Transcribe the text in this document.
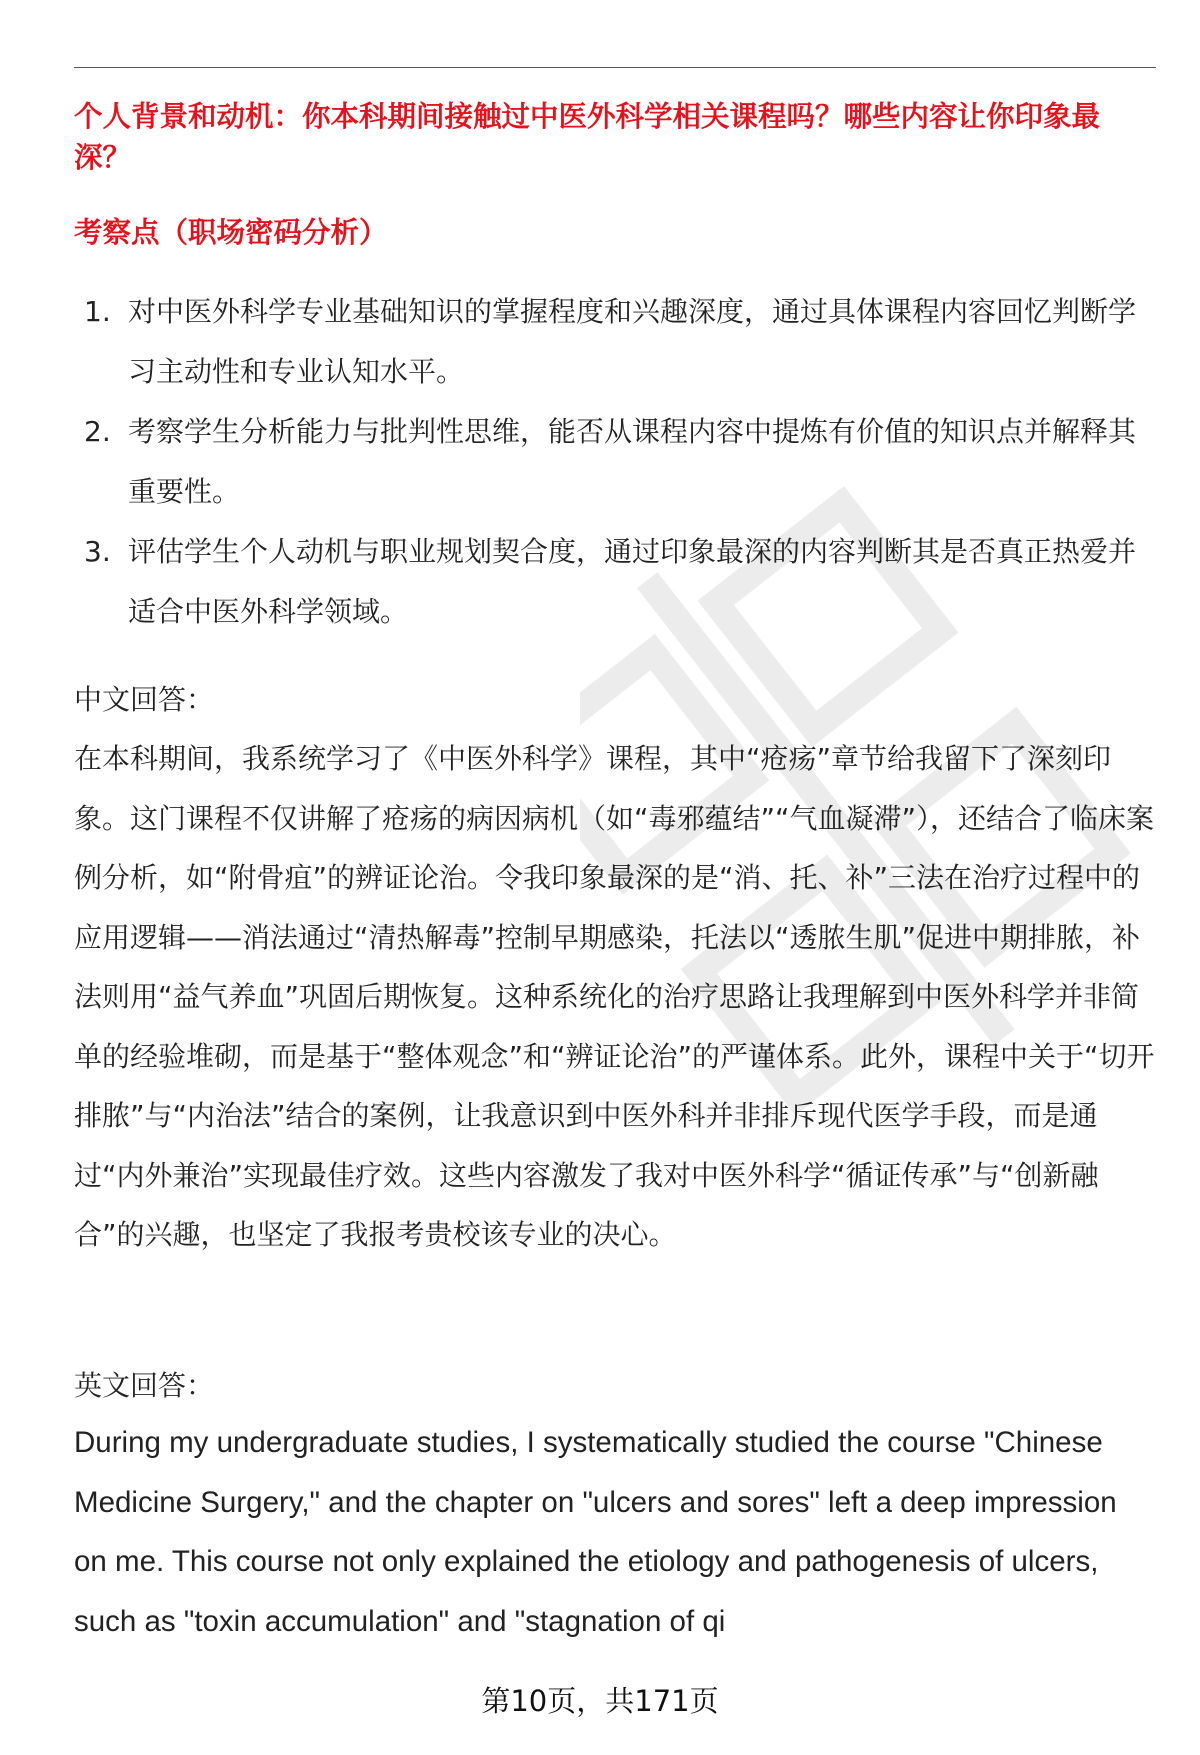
个人背景和动机：你本科期间接触过中医外科学相关课程吗？哪些内容让你印象最深？

考察点（职场密码分析）

1. 对中医外科学专业基础知识的掌握程度和兴趣深度，通过具体课程内容回忆判断学习主动性和专业认知水平。
2. 考察学生分析能力与批判性思维，能否从课程内容中提炼有价值的知识点并解释其重要性。
3. 评估学生个人动机与职业规划契合度，通过印象最深的内容判断其是否真正热爱并适合中医外科学领域。

中文回答：

在本科期间，我系统学习了《中医外科学》课程，其中“疮疡”章节给我留下了深刻印象。这门课程不仅讲解了疮疡的病因病机（如“毒邪蕴结”“气血凝滞”），还结合了临床案例分析，如“附骨疽”的辨证论治。令我印象最深的是“消、托、补”三法在治疗过程中的应用逻辑——消法通过“清热解毒”控制早期感染，托法以“透脓生肌”促进中期排脓，补法则用“益气养血”巩固后期恢复。这种系统化的治疗思路让我理解到中医外科学并非简单的经验堆砌，而是基于“整体观念”和“辨证论治”的严谨体系。此外，课程中关于“切开排脓”与“内治法”结合的案例，让我意识到中医外科并非排斥现代医学手段，而是通过“内外兼治”实现最佳疗效。这些内容激发了我对中医外科学“循证传承”与“创新融合”的兴趣，也坚定了我报考贵校该专业的决心。

英文回答：

During my undergraduate studies, I systematically studied the course "Chinese Medicine Surgery," and the chapter on "ulcers and sores" left a deep impression on me. This course not only explained the etiology and pathogenesis of ulcers, such as "toxin accumulation" and "stagnation of qi

第10页，共171页
